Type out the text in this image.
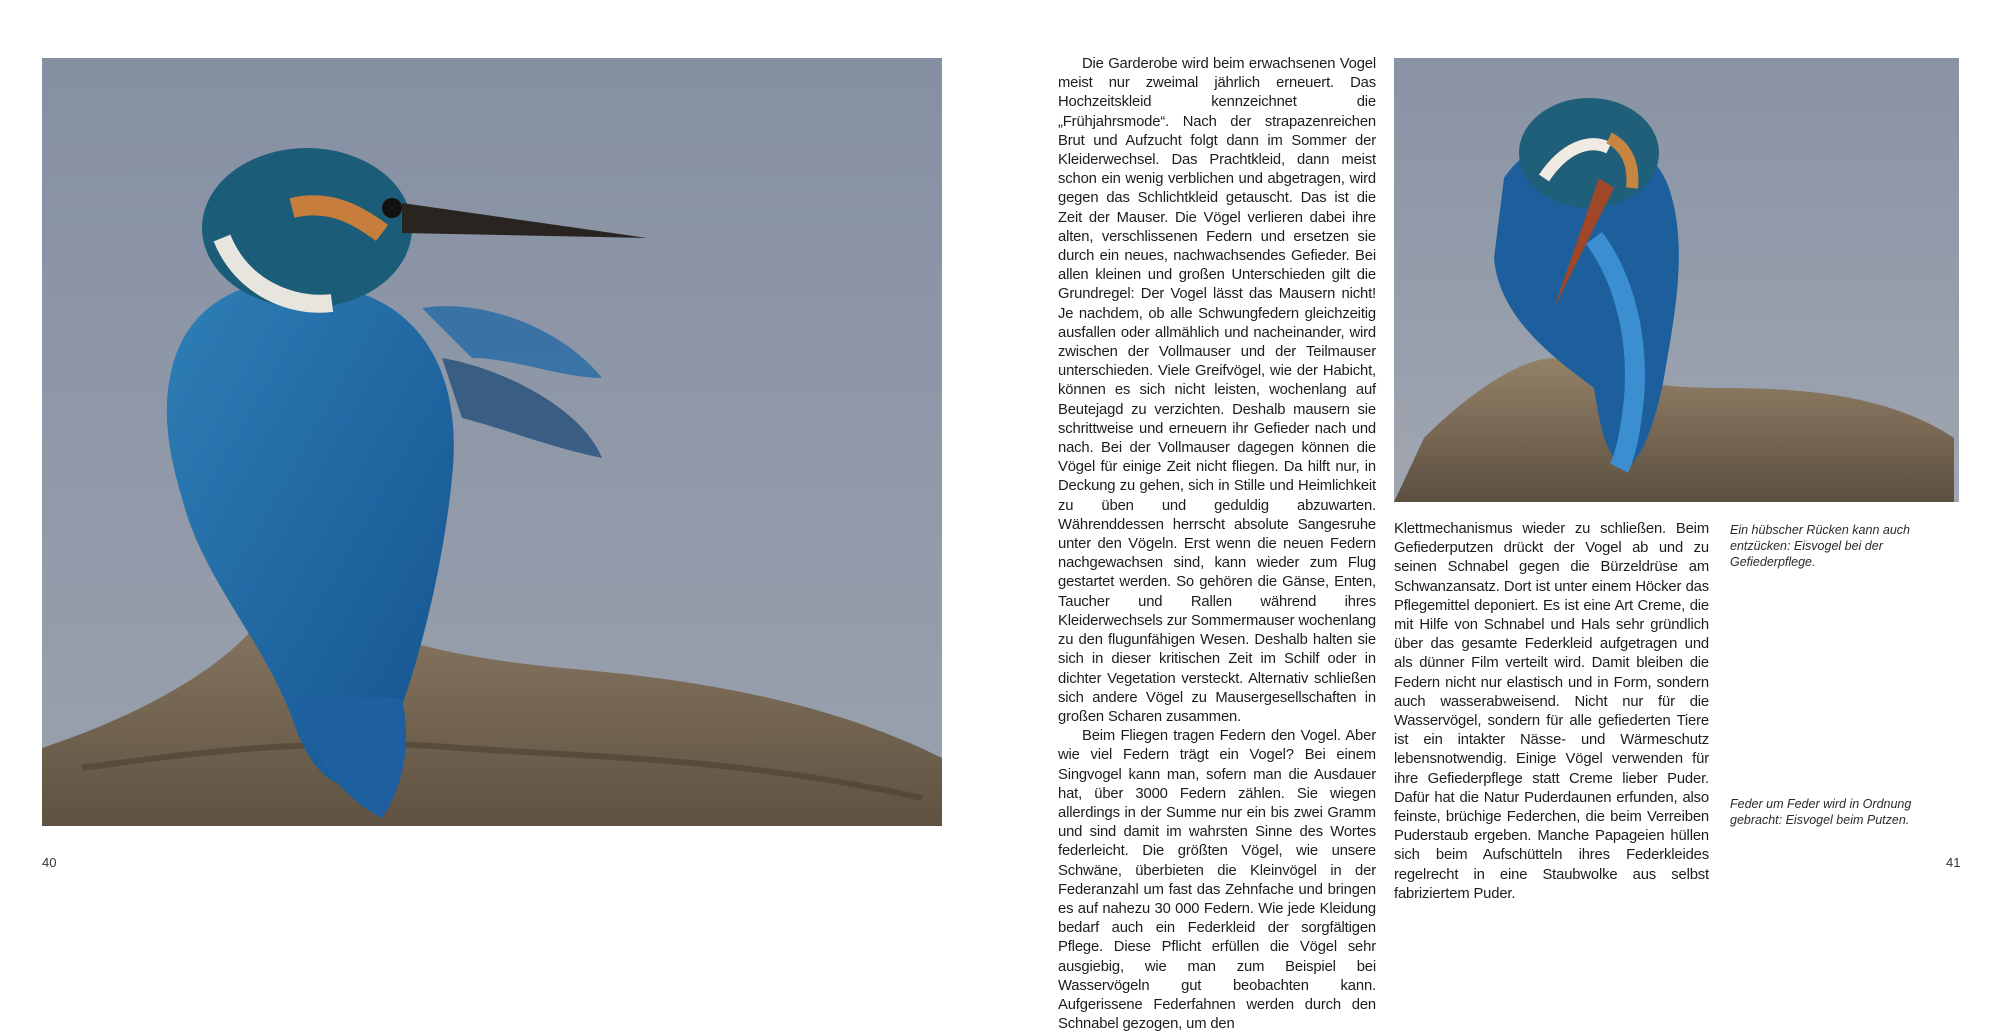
Die Garderobe wird beim erwachsenen Vogel meist nur zweimal jährlich erneuert. Das Hochzeitskleid kennzeichnet die „Frühjahrsmode“. Nach der strapazenreichen Brut und Aufzucht folgt dann im Sommer der Kleiderwechsel. Das Prachtkleid, dann meist schon ein wenig verblichen und abgetragen, wird gegen das Schlichtkleid getauscht. Das ist die Zeit der Mauser. Die Vögel verlieren dabei ihre alten, verschlissenen Federn und ersetzen sie durch ein neues, nachwachsendes Gefieder. Bei allen kleinen und großen Unterschieden gilt die Grundregel: Der Vogel lässt das Mausern nicht! Je nachdem, ob alle Schwungfedern gleichzeitig ausfallen oder allmählich und nacheinander, wird zwischen der Vollmauser und der Teilmauser unterschieden. Viele Greifvögel, wie der Habicht, können es sich nicht leisten, wochenlang auf Beutejagd zu verzichten. Deshalb mausern sie schrittweise und erneuern ihr Gefieder nach und nach. Bei der Vollmauser dagegen können die Vögel für einige Zeit nicht fliegen. Da hilft nur, in Deckung zu gehen, sich in Stille und Heimlichkeit zu üben und geduldig abzuwarten. Währenddessen herrscht absolute Sangesruhe unter den Vögeln. Erst wenn die neuen Federn nachgewachsen sind, kann wieder zum Flug gestartet werden. So gehören die Gänse, Enten, Taucher und Rallen während ihres Kleiderwechsels zur Sommermauser wochenlang zu den flugunfähigen Wesen. Deshalb halten sie sich in dieser kritischen Zeit im Schilf oder in dichter Vegetation versteckt. Alternativ schließen sich andere Vögel zu Mausergesellschaften in großen Scharen zusammen.

Beim Fliegen tragen Federn den Vogel. Aber wie viel Federn trägt ein Vogel? Bei einem Singvogel kann man, sofern man die Ausdauer hat, über 3000 Federn zählen. Sie wiegen allerdings in der Summe nur ein bis zwei Gramm und sind damit im wahrsten Sinne des Wortes federleicht. Die größten Vögel, wie unsere Schwäne, überbieten die Kleinvögel in der Federanzahl um fast das Zehnfache und bringen es auf nahezu 30 000 Federn. Wie jede Kleidung bedarf auch ein Federkleid der sorgfältigen Pflege. Diese Pflicht erfüllen die Vögel sehr ausgiebig, wie man zum Beispiel bei Wasservögeln gut beobachten kann. Aufgerissene Federfahnen werden durch den Schnabel gezogen, um den

Klettmechanismus wieder zu schließen. Beim Gefiederputzen drückt der Vogel ab und zu seinen Schnabel gegen die Bürzeldrüse am Schwanzansatz. Dort ist unter einem Höcker das Pflegemittel deponiert. Es ist eine Art Creme, die mit Hilfe von Schnabel und Hals sehr gründlich über das gesamte Federkleid aufgetragen und als dünner Film verteilt wird. Damit bleiben die Federn nicht nur elastisch und in Form, sondern auch wasserabweisend. Nicht nur für die Wasservögel, sondern für alle gefiederten Tiere ist ein intakter Nässe- und Wärmeschutz lebensnotwendig. Einige Vögel verwenden für ihre Gefiederpflege statt Creme lieber Puder. Dafür hat die Natur Puderdaunen erfunden, also feinste, brüchige Federchen, die beim Verreiben Puderstaub ergeben. Manche Papageien hüllen sich beim Aufschütteln ihres Federkleides regelrecht in eine Staubwolke aus selbst fabriziertem Puder.

Ein hübscher Rücken kann auch entzücken: Eisvogel bei der Gefiederpflege.
Feder um Feder wird in Ordnung gebracht: Eisvogel beim Putzen.
40	41
